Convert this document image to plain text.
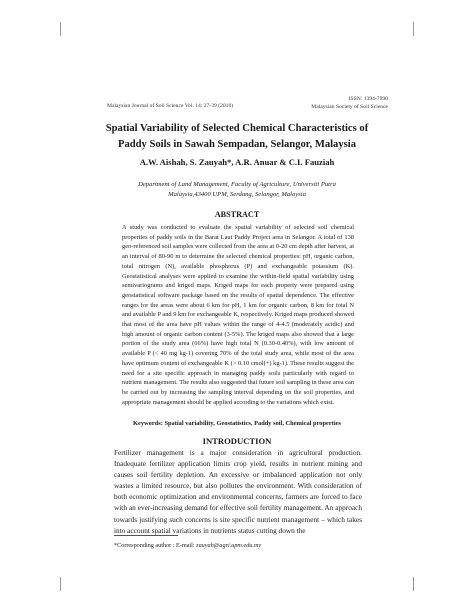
ISSN: 1394-7990
Malaysian Society of Soil Science
Malaysian Journal of Soil Science Vol. 14: 27-39 (2010)
Spatial Variability of Selected Chemical Characteristics of
Paddy Soils in Sawah Sempadan, Selangor, Malaysia
A.W. Aishah, S. Zauyah*, A.R. Anuar & C.I. Fauziah
Department of Land Management, Faculty of Agriculture, Universiti Putra
Malaysia,43400 UPM, Serdang, Selangor, Malaysia
ABSTRACT

A study was conducted to evaluate the spatial variability of selected soil chemical properties of paddy soils in the Barat Laut Paddy Project area in Selangor. A total of 138 geo-referenced soil samples were collected from the area at 0-20 cm depth after harvest, at an interval of 80-90 m to determine the selected chemical properties: pH, organic carbon, total nitrogen (N), available phosphorus (P) and exchangeable potassium (K). Geostatistical analyses were applied to examine the within-field spatial variability using semivariograms and kriged maps. Kriged maps for each property were prepared using geostatistical software package based on the results of spatial dependence. The effective ranges for the areas were about 6 km for pH, 1 km for organic carbon, 8 km for total N and available P and 9 km for exchangeable K, respectively. Kriged maps produced showed that most of the area have pH values within the range of 4-4.5 (moderately acidic) and high amount of organic carbon content (3-5%). The kriged maps also showed that a large portion of the study area (66%) have high total N (0.30-0.40%), with low amount of available P (< 40 mg kg-1) covering 70% of the total study area, while most of the area have optimum content of exchangeable K (> 0.10 cmol(+) kg-1). These results suggest the need for a site specific approach in managing paddy soils particularly with regard to nutrient management. The results also suggested that future soil sampling in these area can be carried out by increasing the sampling interval depending on the soil properties, and appropriate management should be applied according to the variations which exist.

Keywords: Spatial variability, Geostatistics, Paddy soil, Chemical properties
INTRODUCTION

Fertilizer management is a major consideration in agricultural production. Inadequate fertilizer application limits crop yield, results in nutrient mining and causes soil fertility depletion. An excessive or imbalanced application not only wastes a limited resource, but also pollutes the environment. With consideration of both economic optimization and environmental concerns, farmers are forced to face with an ever-increasing demand for effective soil fertility management. An approach towards justifying such concerns is site specific nutrient management – which takes into account spatial variations in nutrients status cutting down the

*Corresponding author : E-mail: zauyah@agri.upm.edu.my
